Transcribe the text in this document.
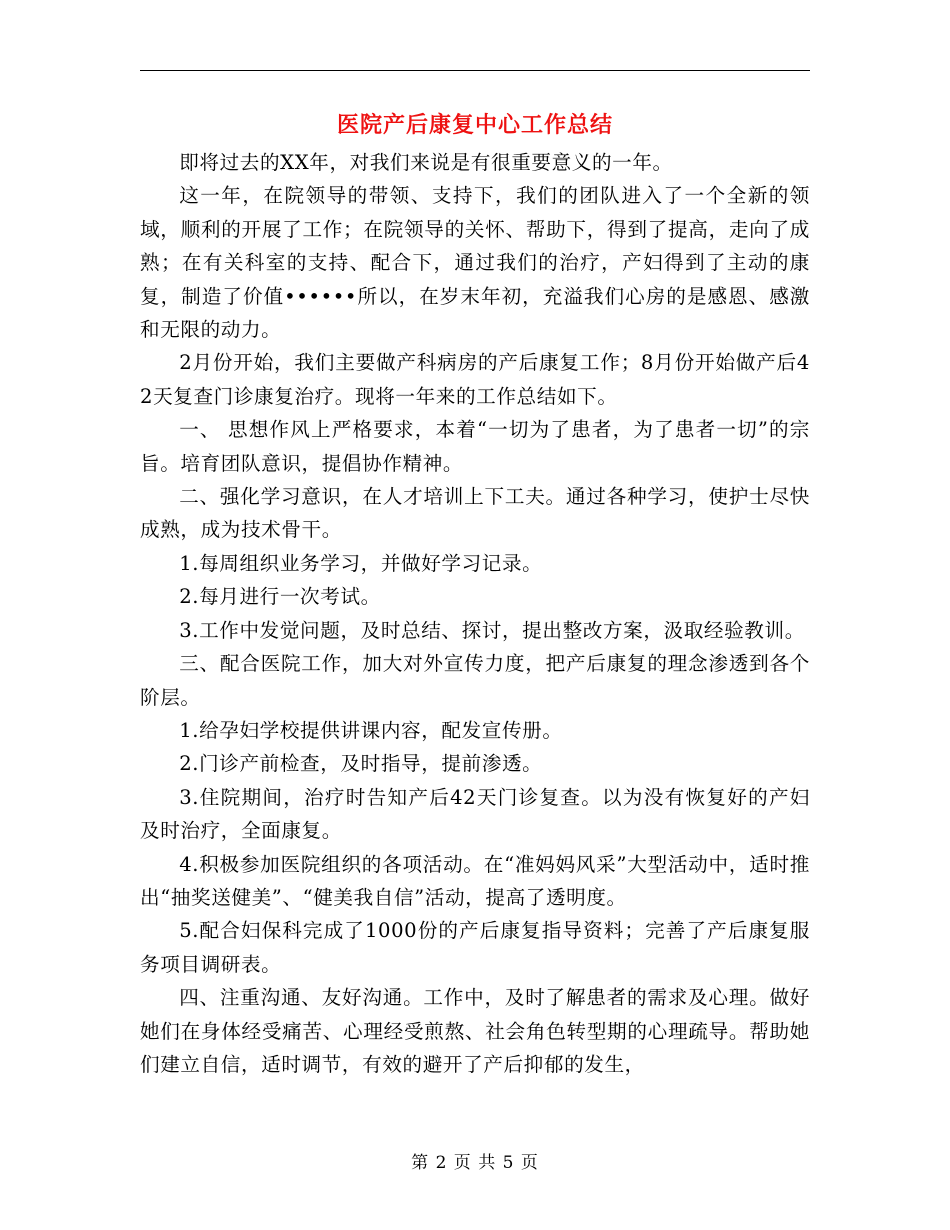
医院产后康复中心工作总结

即将过去的XX年，对我们来说是有很重要意义的一年。

这一年，在院领导的带领、支持下，我们的团队进入了一个全新的领域，顺利的开展了工作；在院领导的关怀、帮助下，得到了提高，走向了成熟；在有关科室的支持、配合下，通过我们的治疗，产妇得到了主动的康复，制造了价值••••••所以，在岁末年初，充溢我们心房的是感恩、感激和无限的动力。

2月份开始，我们主要做产科病房的产后康复工作；8月份开始做产后42天复查门诊康复治疗。现将一年来的工作总结如下。

一、 思想作风上严格要求，本着“一切为了患者，为了患者一切”的宗旨。培育团队意识，提倡协作精神。

二、强化学习意识，在人才培训上下工夫。通过各种学习，使护士尽快成熟，成为技术骨干。

1.每周组织业务学习，并做好学习记录。

2.每月进行一次考试。

3.工作中发觉问题，及时总结、探讨，提出整改方案，汲取经验教训。

三、配合医院工作，加大对外宣传力度，把产后康复的理念渗透到各个阶层。

1.给孕妇学校提供讲课内容，配发宣传册。

2.门诊产前检查，及时指导，提前渗透。

3.住院期间，治疗时告知产后42天门诊复查。以为没有恢复好的产妇及时治疗，全面康复。

4.积极参加医院组织的各项活动。在“准妈妈风采”大型活动中，适时推出“抽奖送健美”、“健美我自信”活动，提高了透明度。

5.配合妇保科完成了1000份的产后康复指导资料；完善了产后康复服务项目调研表。

四、注重沟通、友好沟通。工作中，及时了解患者的需求及心理。做好她们在身体经受痛苦、心理经受煎熬、社会角色转型期的心理疏导。帮助她们建立自信，适时调节，有效的避开了产后抑郁的发生，

第 2 页 共 5 页
